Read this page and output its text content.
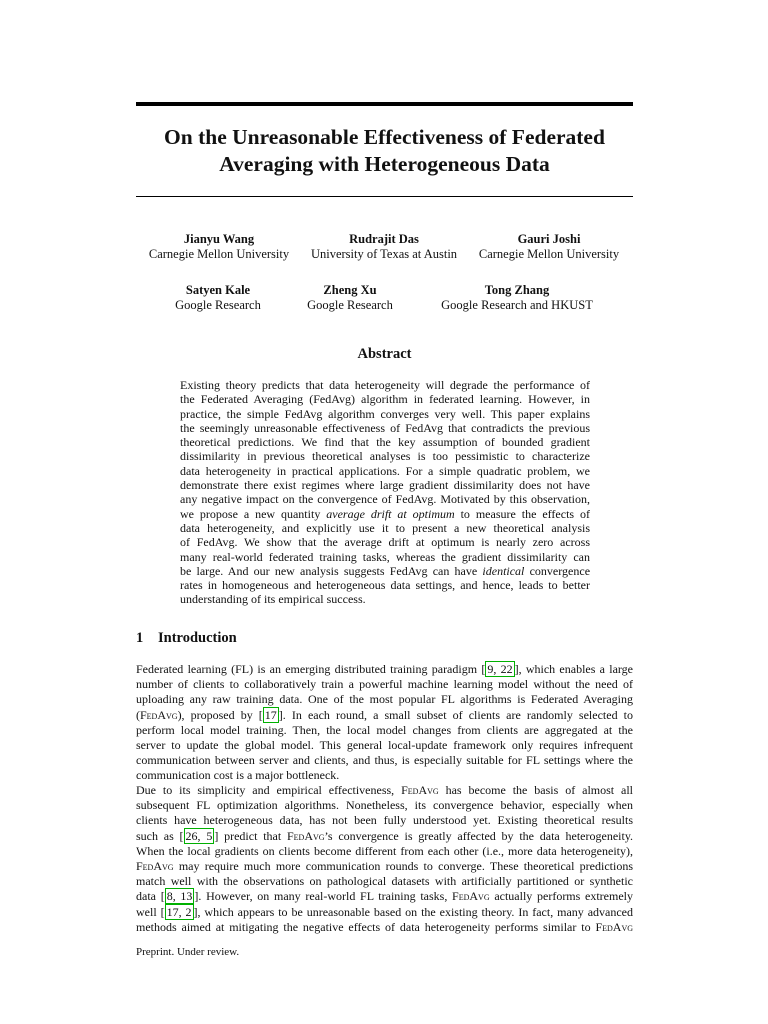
On the Unreasonable Effectiveness of Federated
Averaging with Heterogeneous Data
Jianyu Wang
Carnegie Mellon University
Rudrajit Das
University of Texas at Austin
Gauri Joshi
Carnegie Mellon University
Satyen Kale
Google Research
Zheng Xu
Google Research
Tong Zhang
Google Research and HKUST
Abstract
Existing theory predicts that data heterogeneity will degrade the performance of
the Federated Averaging (FedAvg) algorithm in federated learning. However, in
practice, the simple FedAvg algorithm converges very well. This paper explains
the seemingly unreasonable effectiveness of FedAvg that contradicts the previous
theoretical predictions. We find that the key assumption of bounded gradient
dissimilarity in previous theoretical analyses is too pessimistic to characterize
data heterogeneity in practical applications. For a simple quadratic problem, we
demonstrate there exist regimes where large gradient dissimilarity does not have
any negative impact on the convergence of FedAvg. Motivated by this observation,
we propose a new quantity average drift at optimum to measure the effects of
data heterogeneity, and explicitly use it to present a new theoretical analysis
of FedAvg. We show that the average drift at optimum is nearly zero across
many real-world federated training tasks, whereas the gradient dissimilarity can
be large. And our new analysis suggests FedAvg can have identical convergence
rates in homogeneous and heterogeneous data settings, and hence, leads to better
understanding of its empirical success.
1 Introduction
Federated learning (FL) is an emerging distributed training paradigm [ 9, 22 ], which enables a large
number of clients to collaboratively train a powerful machine learning model without the need of
uploading any raw training data. One of the most popular FL algorithms is Federated Averaging
(FedAvg), proposed by [ 17 ]. In each round, a small subset of clients are randomly selected to
perform local model training. Then, the local model changes from clients are aggregated at the
server to update the global model. This general local-update framework only requires infrequent
communication between server and clients, and thus, is especially suitable for FL settings where the
communication cost is a major bottleneck.
Due to its simplicity and empirical effectiveness, FedAvg has become the basis of almost all
subsequent FL optimization algorithms. Nonetheless, its convergence behavior, especially when
clients have heterogeneous data, has not been fully understood yet. Existing theoretical results
such as [ 26, 5 ] predict that FedAvg’s convergence is greatly affected by the data heterogeneity.
When the local gradients on clients become different from each other (i.e., more data heterogeneity),
FedAvg may require much more communication rounds to converge. These theoretical predictions
match well with the observations on pathological datasets with artificially partitioned or synthetic
data [ 8, 13 ]. However, on many real-world FL training tasks, FedAvg actually performs extremely
well [ 17, 2 ], which appears to be unreasonable based on the existing theory. In fact, many advanced
methods aimed at mitigating the negative effects of data heterogeneity performs similar to FedAvg
Preprint. Under review.
